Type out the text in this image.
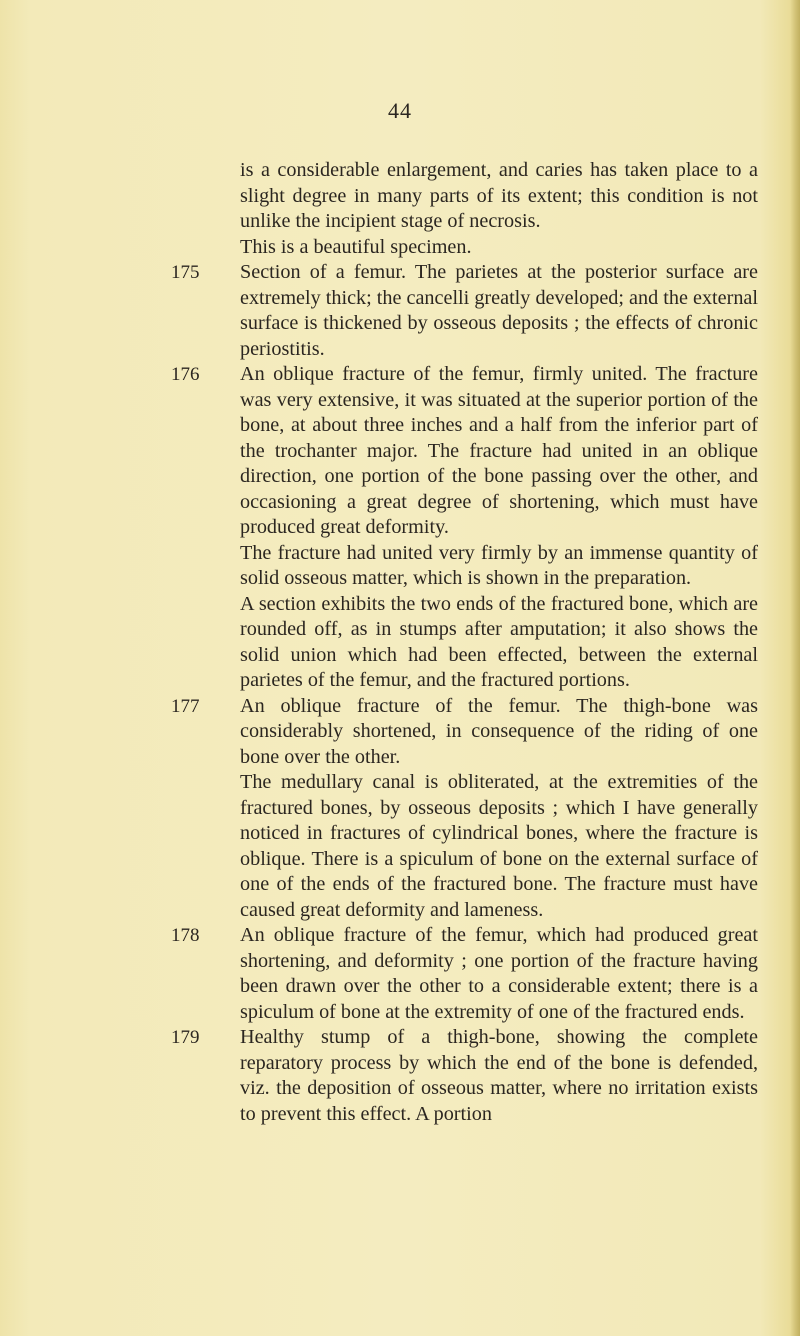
44

is a considerable enlargement, and caries has taken place to a slight degree in many parts of its extent; this condition is not unlike the incipient stage of necrosis.

This is a beautiful specimen.

175	Section of a femur. The parietes at the posterior surface are extremely thick; the cancelli greatly developed; and the external surface is thickened by osseous deposits ; the effects of chronic periostitis.

176	An oblique fracture of the femur, firmly united. The fracture was very extensive, it was situated at the superior portion of the bone, at about three inches and a half from the inferior part of the trochanter major. The fracture had united in an oblique direction, one portion of the bone passing over the other, and occasioning a great degree of shortening, which must have produced great deformity.

The fracture had united very firmly by an immense quantity of solid osseous matter, which is shown in the preparation.

A section exhibits the two ends of the fractured bone, which are rounded off, as in stumps after amputation; it also shows the solid union which had been effected, between the external parietes of the femur, and the fractured portions.

177	An oblique fracture of the femur. The thigh-bone was considerably shortened, in consequence of the riding of one bone over the other.

The medullary canal is obliterated, at the extremities of the fractured bones, by osseous deposits ; which I have generally noticed in fractures of cylindrical bones, where the fracture is oblique. There is a spiculum of bone on the external surface of one of the ends of the fractured bone. The fracture must have caused great deformity and lameness.

178	An oblique fracture of the femur, which had produced great shortening, and deformity ; one portion of the fracture having been drawn over the other to a considerable extent; there is a spiculum of bone at the extremity of one of the fractured ends.

179	Healthy stump of a thigh-bone, showing the complete reparatory process by which the end of the bone is defended, viz. the deposition of osseous matter, where no irritation exists to prevent this effect. A portion
